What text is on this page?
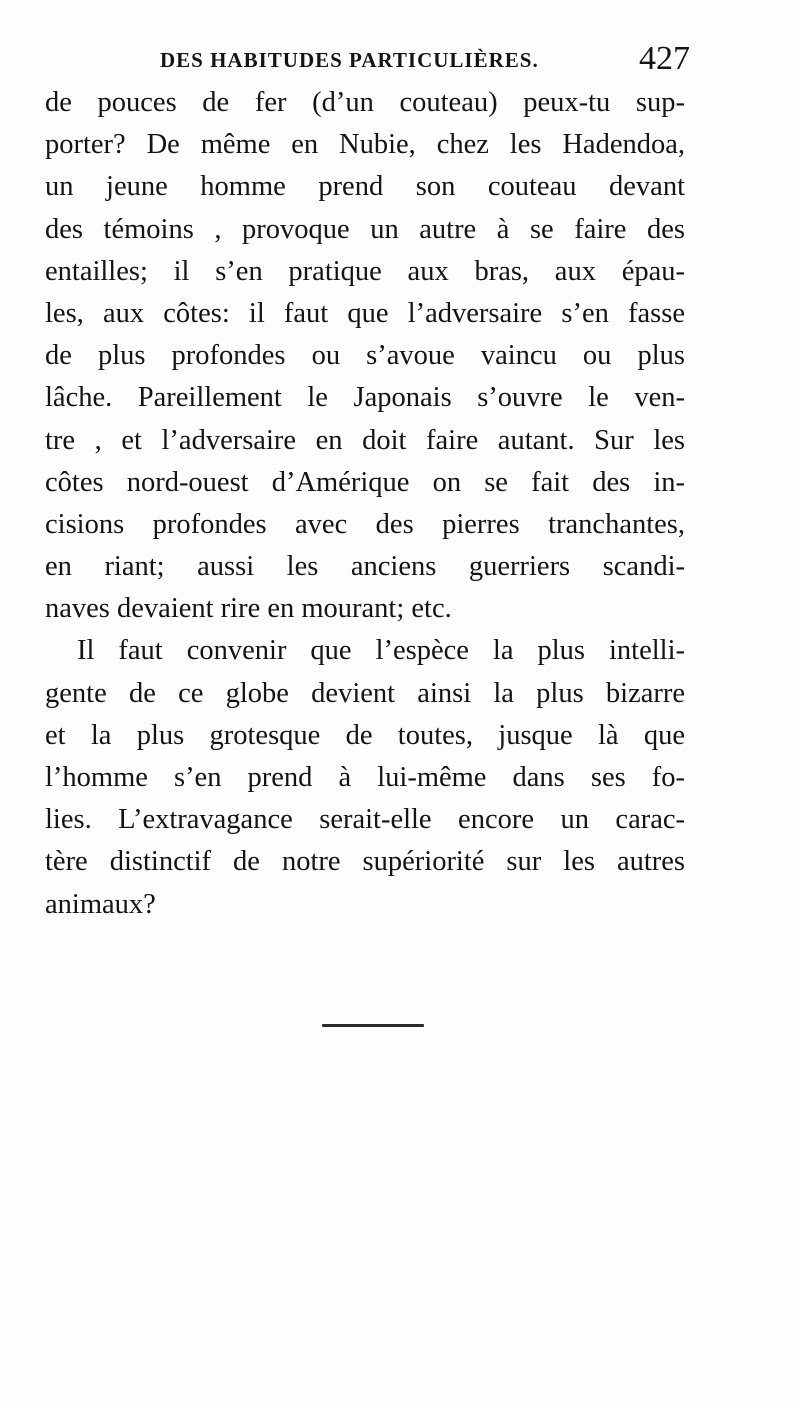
DES HABITUDES PARTICULIÈRES.	427
de pouces de fer (d’un couteau) peux-tu sup-
porter? De même en Nubie, chez les Hadendoa,
un jeune homme prend son couteau devant
des témoins , provoque un autre à se faire des
entailles; il s’en pratique aux bras, aux épau-
les, aux côtes: il faut que l’adversaire s’en fasse
de plus profondes ou s’avoue vaincu ou plus
lâche. Pareillement le Japonais s’ouvre le ven-
tre , et l’adversaire en doit faire autant. Sur les
côtes nord-ouest d’Amérique on se fait des in-
cisions profondes avec des pierres tranchantes,
en riant; aussi les anciens guerriers scandi-
naves devaient rire en mourant; etc.
Il faut convenir que l’espèce la plus intelli-
gente de ce globe devient ainsi la plus bizarre
et la plus grotesque de toutes, jusque là que
l’homme s’en prend à lui-même dans ses fo-
lies. L’extravagance serait-elle encore un carac-
tère distinctif de notre supériorité sur les autres
animaux?
